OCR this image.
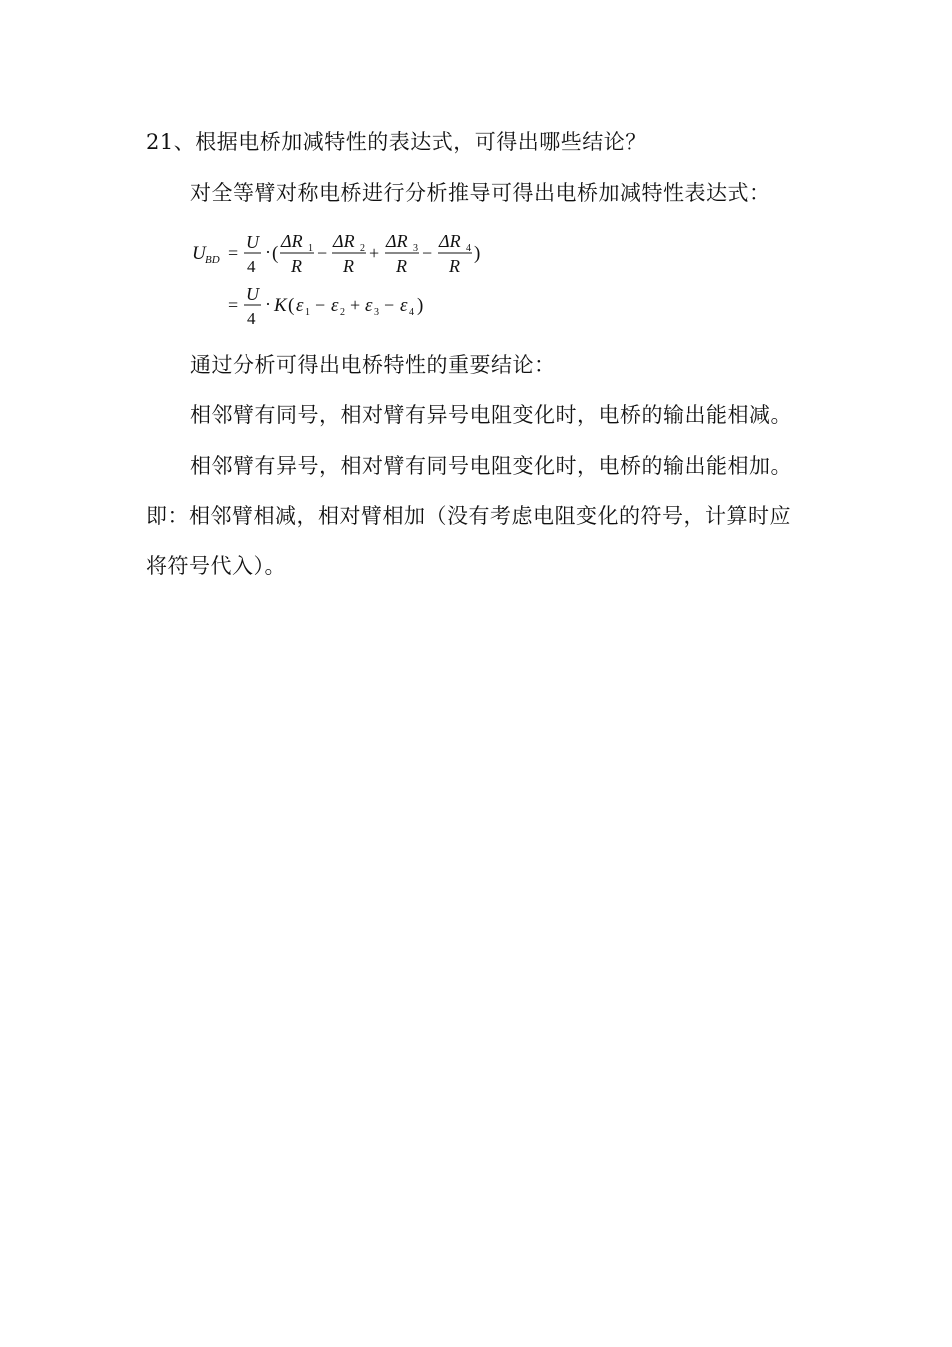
21、根据电桥加减特性的表达式，可得出哪些结论？
对全等臂对称电桥进行分析推导可得出电桥加减特性表达式：
U BD =
U
4
· (
ΔR 1
R
−
ΔR 2
R
+
ΔR 3
R
−
ΔR 4
R
)
=
U
4
· K ( ε 1 − ε 2 + ε 3 − ε 4 )
通过分析可得出电桥特性的重要结论：
相邻臂有同号，相对臂有异号电阻变化时，电桥的输出能相减。
相邻臂有异号，相对臂有同号电阻变化时，电桥的输出能相加。
即：相邻臂相减，相对臂相加（没有考虑电阻变化的符号，计算时应
将符号代入）。
